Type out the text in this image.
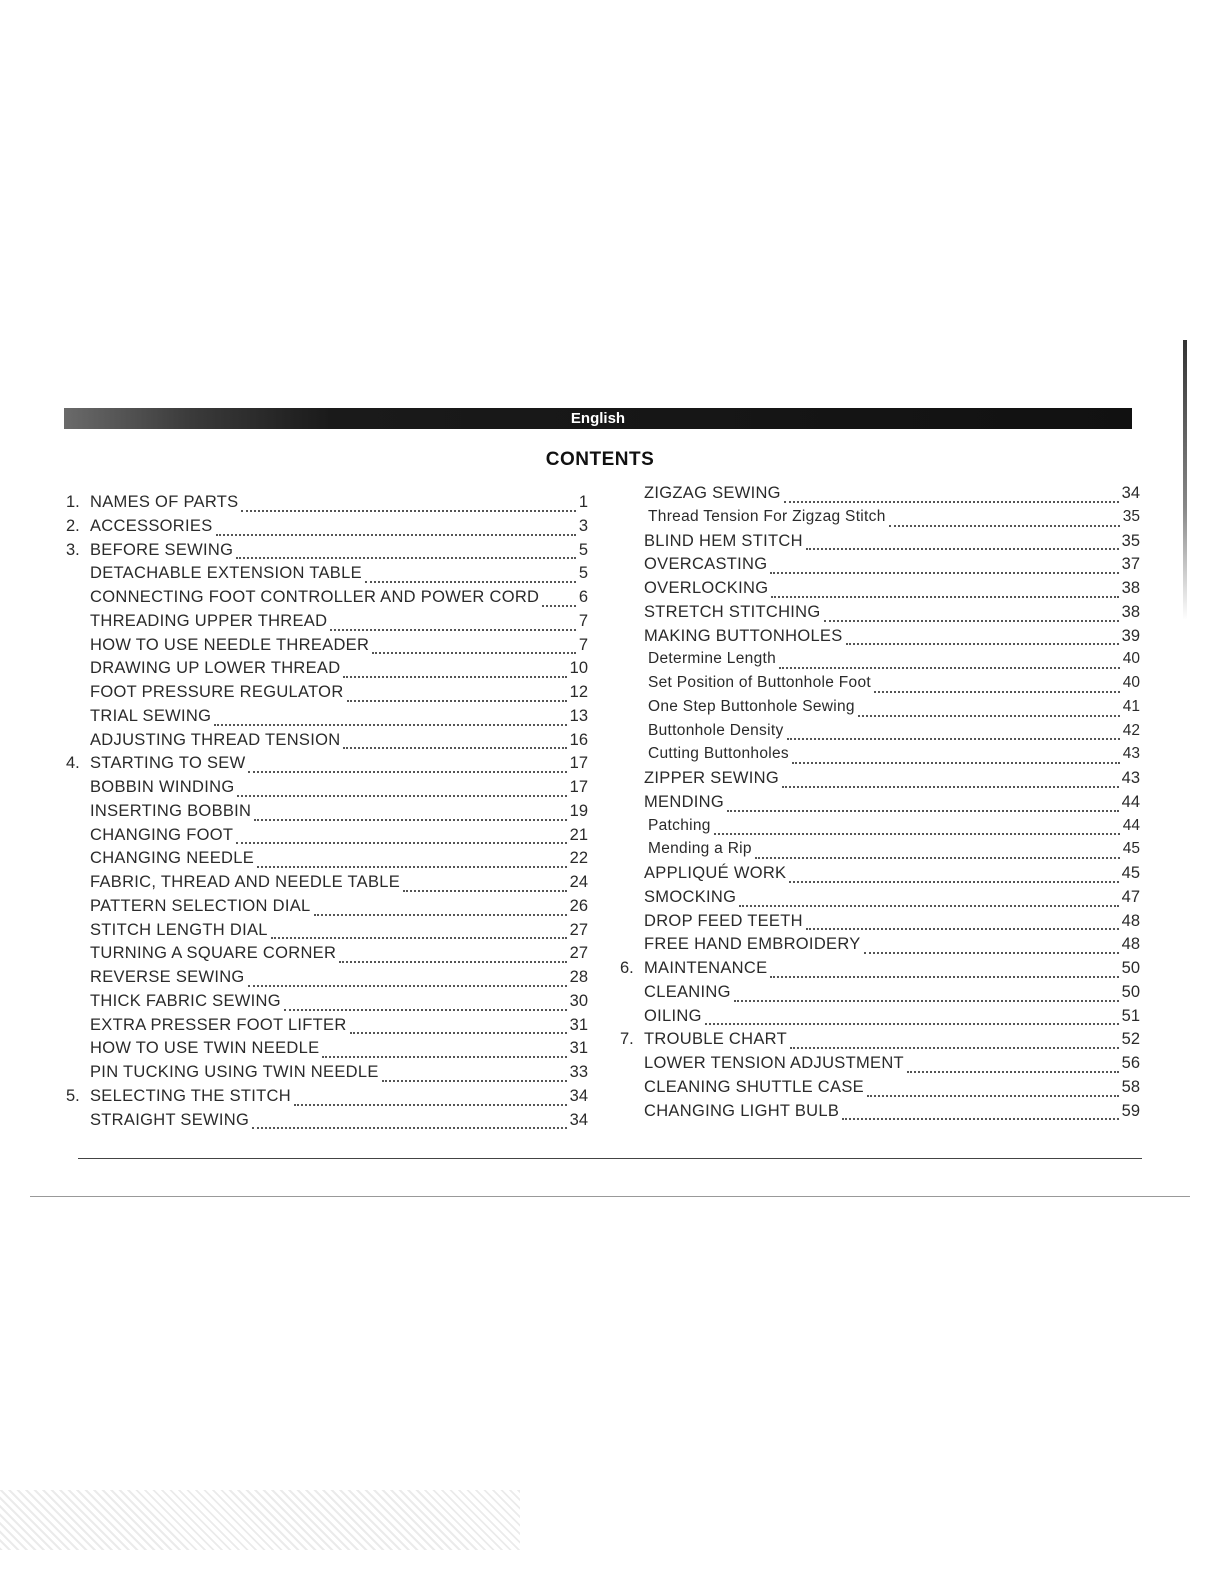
English
CONTENTS
1. NAMES OF PARTS	1
2. ACCESSORIES	3
3. BEFORE SEWING	5
DETACHABLE EXTENSION TABLE	5
CONNECTING FOOT CONTROLLER AND POWER CORD 6
THREADING UPPER THREAD	7
HOW TO USE NEEDLE THREADER	7
DRAWING UP LOWER THREAD	10
FOOT PRESSURE REGULATOR	12
TRIAL SEWING	13
ADJUSTING THREAD TENSION	16
4. STARTING TO SEW	17
BOBBIN WINDING	17
INSERTING BOBBIN	19
CHANGING FOOT	21
CHANGING NEEDLE	22
FABRIC, THREAD AND NEEDLE TABLE	24
PATTERN SELECTION DIAL	26
STITCH LENGTH DIAL	27
TURNING A SQUARE CORNER	27
REVERSE SEWING	28
THICK FABRIC SEWING	30
EXTRA PRESSER FOOT LIFTER	31
HOW TO USE TWIN NEEDLE	31
PIN TUCKING USING TWIN NEEDLE	33
5. SELECTING THE STITCH	34
STRAIGHT SEWING	34
ZIGZAG SEWING	34
Thread Tension For Zigzag Stitch	35
BLIND HEM STITCH	35
OVERCASTING	37
OVERLOCKING	38
STRETCH STITCHING	38
MAKING BUTTONHOLES	39
Determine Length	40
Set Position of Buttonhole Foot	40
One Step Buttonhole Sewing	41
Buttonhole Density	42
Cutting Buttonholes	43
ZIPPER SEWING	43
MENDING	44
Patching	44
Mending a Rip	45
APPLIQUÉ WORK	45
SMOCKING	47
DROP FEED TEETH	48
FREE HAND EMBROIDERY	48
6. MAINTENANCE	50
CLEANING	50
OILING	51
7. TROUBLE CHART	52
LOWER TENSION ADJUSTMENT	56
CLEANING SHUTTLE CASE	58
CHANGING LIGHT BULB	59
